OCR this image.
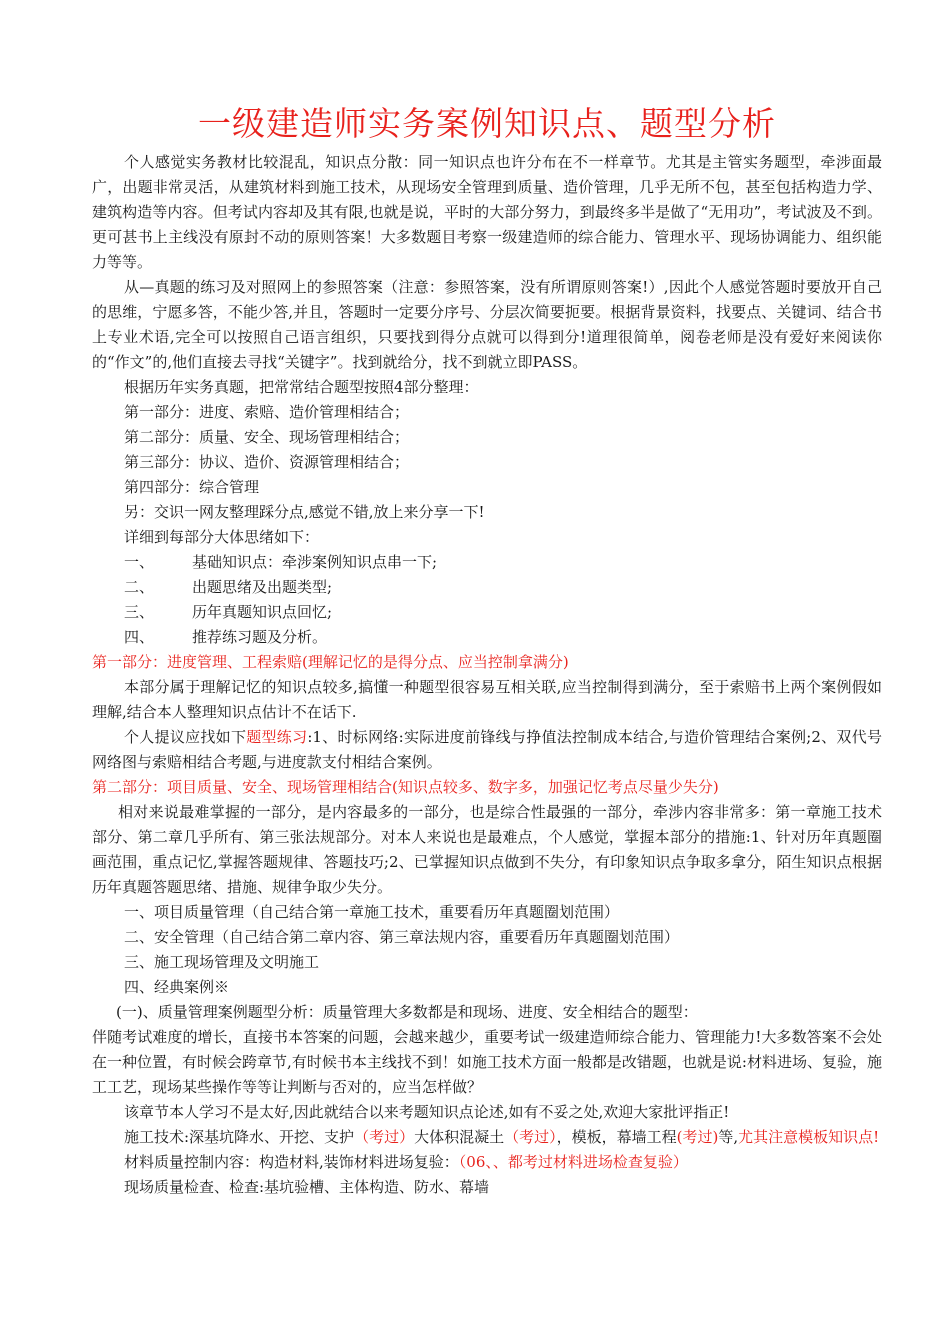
一级建造师实务案例知识点、题型分析

个人感觉实务教材比较混乱，知识点分散：同一知识点也许分布在不一样章节。尤其是主管实务题型，牵涉面最广，出题非常灵活，从建筑材料到施工技术，从现场安全管理到质量、造价管理，几乎无所不包，甚至包括构造力学、建筑构造等内容。但考试内容却及其有限,也就是说，平时的大部分努力，到最终多半是做了“无用功”，考试波及不到。更可甚书上主线没有原封不动的原则答案！大多数题目考察一级建造师的综合能力、管理水平、现场协调能力、组织能力等等。

从—真题的练习及对照网上的参照答案（注意：参照答案，没有所谓原则答案!）,因此个人感觉答题时要放开自己的思维，宁愿多答，不能少答,并且，答题时一定要分序号、分层次简要扼要。根据背景资料，找要点、关键词、结合书上专业术语,完全可以按照自己语言组织，只要找到得分点就可以得到分!道理很简单，阅卷老师是没有爱好来阅读你的“作文”的,他们直接去寻找“关键字”。找到就给分，找不到就立即PASS。

根据历年实务真题，把常常结合题型按照4部分整理：

第一部分：进度、索赔、造价管理相结合；

第二部分：质量、安全、现场管理相结合；

第三部分：协议、造价、资源管理相结合；

第四部分：综合管理

另：交识一网友整理踩分点,感觉不错,放上来分享一下!

详细到每部分大体思绪如下：

一、	基础知识点：牵涉案例知识点串一下;

二、	出题思绪及出题类型;

三、	历年真题知识点回忆;

四、	推荐练习题及分析。

第一部分：进度管理、工程索赔(理解记忆的是得分点、应当控制拿满分)

本部分属于理解记忆的知识点较多,搞懂一种题型很容易互相关联,应当控制得到满分，至于索赔书上两个案例假如理解,结合本人整理知识点估计不在话下.

个人提议应找如下题型练习:1、时标网络:实际进度前锋线与挣值法控制成本结合,与造价管理结合案例;2、双代号网络图与索赔相结合考题,与进度款支付相结合案例。

第二部分：项目质量、安全、现场管理相结合(知识点较多、数字多，加强记忆考点尽量少失分)

相对来说最难掌握的一部分，是内容最多的一部分，也是综合性最强的一部分，牵涉内容非常多：第一章施工技术部分、第二章几乎所有、第三张法规部分。对本人来说也是最难点，个人感觉，掌握本部分的措施:1、针对历年真题圈画范围，重点记忆,掌握答题规律、答题技巧;2、已掌握知识点做到不失分，有印象知识点争取多拿分，陌生知识点根据历年真题答题思绪、措施、规律争取少失分。

一、项目质量管理（自己结合第一章施工技术，重要看历年真题圈划范围）

二、安全管理（自己结合第二章内容、第三章法规内容，重要看历年真题圈划范围）

三、施工现场管理及文明施工

四、经典案例※

(一)、质量管理案例题型分析：质量管理大多数都是和现场、进度、安全相结合的题型：

伴随考试难度的增长，直接书本答案的问题，会越来越少，重要考试一级建造师综合能力、管理能力!大多数答案不会处在一种位置，有时候会跨章节,有时候书本主线找不到！如施工技术方面一般都是改错题，也就是说:材料进场、复验，施工工艺，现场某些操作等等让判断与否对的，应当怎样做？

该章节本人学习不是太好,因此就结合以来考题知识点论述,如有不妥之处,欢迎大家批评指正!

施工技术:深基坑降水、开挖、支护（考过）大体积混凝土（考过），模板，幕墙工程(考过)等,尤其注意模板知识点!

材料质量控制内容：构造材料,装饰材料进场复验：（06、、都考过材料进场检查复验）

现场质量检查、检查:基坑验槽、主体构造、防水、幕墙
